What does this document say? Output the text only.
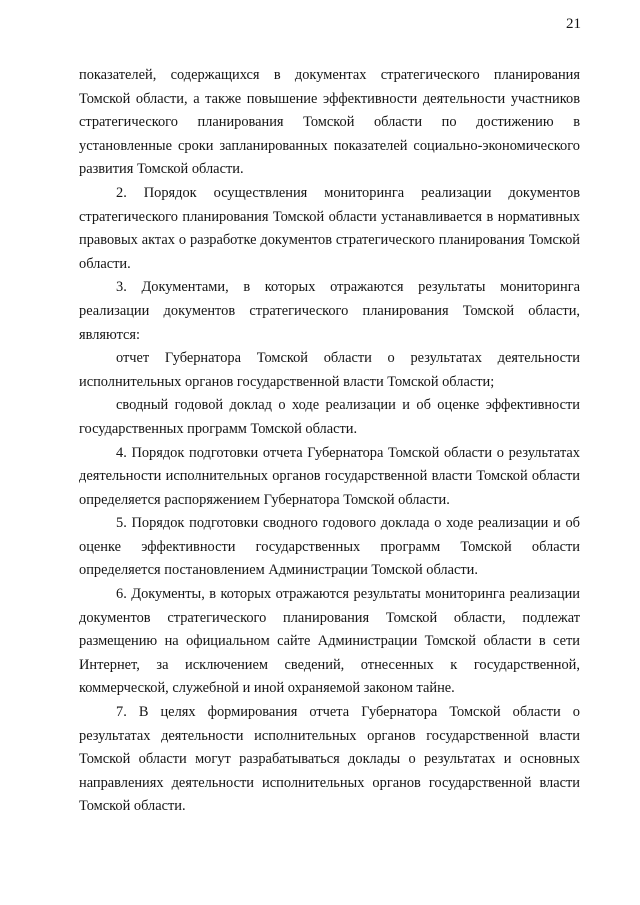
21

показателей, содержащихся в документах стратегического планирования Томской области, а также повышение эффективности деятельности участников стратегического планирования Томской области по достижению в установленные сроки запланированных показателей социально-экономического развития Томской области.

2. Порядок осуществления мониторинга реализации документов стратегического планирования Томской области устанавливается в нормативных правовых актах о разработке документов стратегического планирования Томской области.

3. Документами, в которых отражаются результаты мониторинга реализации документов стратегического планирования Томской области, являются:

отчет Губернатора Томской области о результатах деятельности исполнительных органов государственной власти Томской области;

сводный годовой доклад о ходе реализации и об оценке эффективности государственных программ Томской области.

4. Порядок подготовки отчета Губернатора Томской области о результатах деятельности исполнительных органов государственной власти Томской области определяется распоряжением Губернатора Томской области.

5. Порядок подготовки сводного годового доклада о ходе реализации и об оценке эффективности государственных программ Томской области определяется постановлением Администрации Томской области.

6. Документы, в которых отражаются результаты мониторинга реализации документов стратегического планирования Томской области, подлежат размещению на официальном сайте Администрации Томской области в сети Интернет, за исключением сведений, отнесенных к государственной, коммерческой, служебной и иной охраняемой законом тайне.

7. В целях формирования отчета Губернатора Томской области о результатах деятельности исполнительных органов государственной власти Томской области могут разрабатываться доклады о результатах и основных направлениях деятельности исполнительных органов государственной власти Томской области.
